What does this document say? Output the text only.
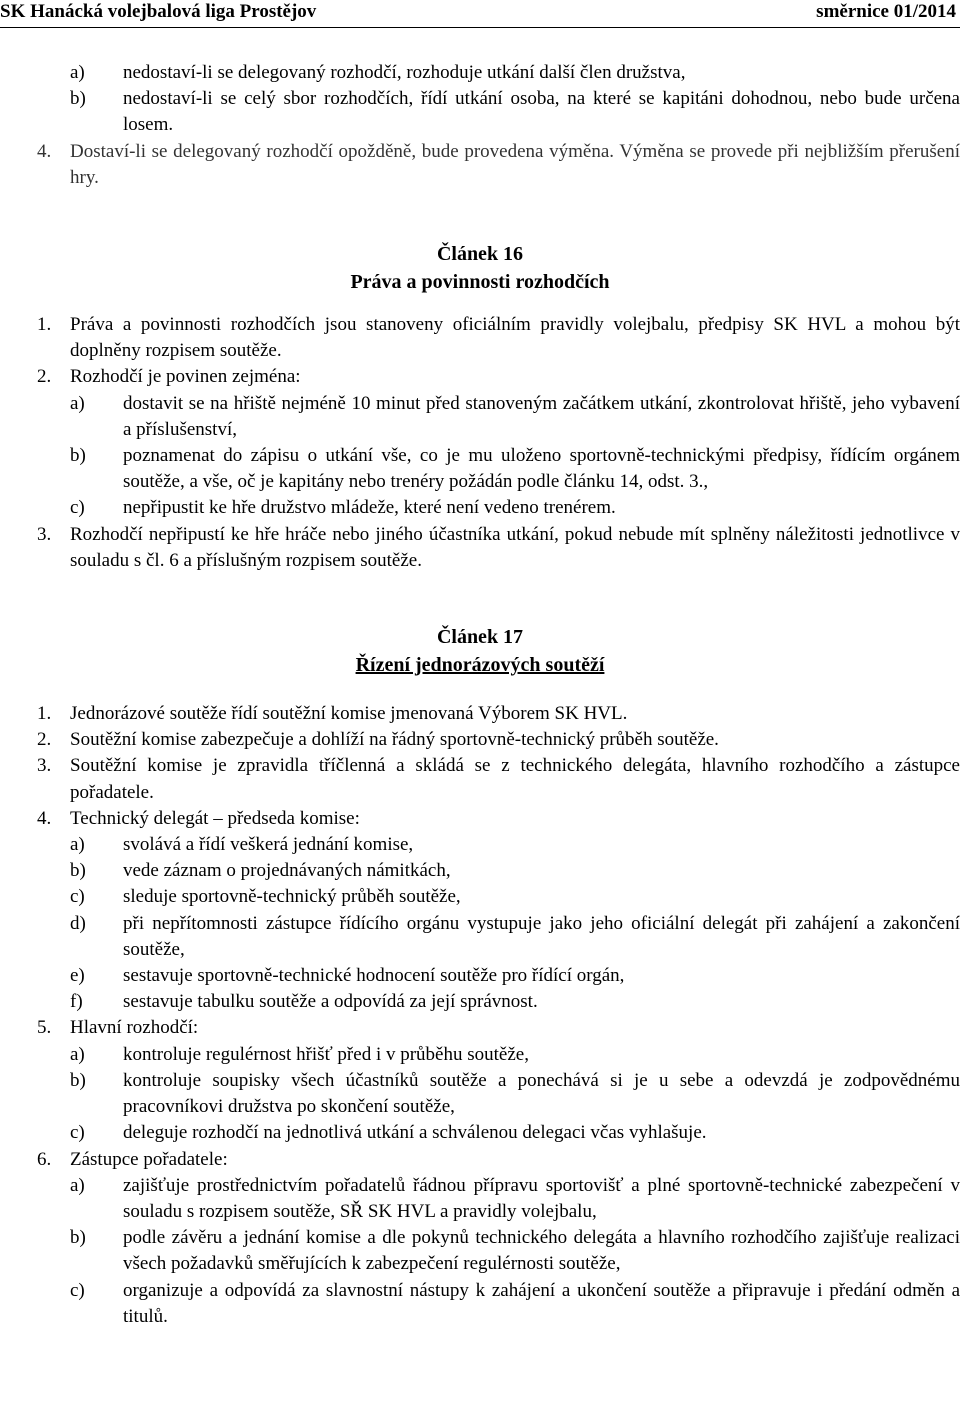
SK Hanácká volejbalová liga Prostějov	směrnice 01/2014
a) nedostaví-li se delegovaný rozhodčí, rozhoduje utkání další člen družstva,
b) nedostaví-li se celý sbor rozhodčích, řídí utkání osoba, na které se kapitáni dohodnou, nebo bude určena losem.
4. Dostaví-li se delegovaný rozhodčí opožděně, bude provedena výměna. Výměna se provede při nejbližším přerušení hry.
Článek 16
Práva a povinnosti rozhodčích
1. Práva a povinnosti rozhodčích jsou stanoveny oficiálním pravidly volejbalu, předpisy SK HVL a mohou být doplněny rozpisem soutěže.
2. Rozhodčí je povinen zejména:
a) dostavit se na hřiště nejméně 10 minut před stanoveným začátkem utkání, zkontrolovat hřiště, jeho vybavení a příslušenství,
b) poznamenat do zápisu o utkání vše, co je mu uloženo sportovně-technickými předpisy, řídícím orgánem soutěže, a vše, oč je kapitány nebo trenéry požádán podle článku 14, odst. 3.,
c) nepřipustit ke hře družstvo mládeže, které není vedeno trenérem.
3. Rozhodčí nepřipustí ke hře hráče nebo jiného účastníka utkání, pokud nebude mít splněny náležitosti jednotlivce v souladu s čl. 6 a příslušným rozpisem soutěže.
Článek 17
Řízení jednorázových soutěží
1. Jednorázové soutěže řídí soutěžní komise jmenovaná Výborem SK HVL.
2. Soutěžní komise zabezpečuje a dohlíží na řádný sportovně-technický průběh soutěže.
3. Soutěžní komise je zpravidla tříčlenná a skládá se z technického delegáta, hlavního rozhodčího a zástupce pořadatele.
4. Technický delegát – předseda komise:
a) svolává a řídí veškerá jednání komise,
b) vede záznam o projednávaných námitkách,
c) sleduje sportovně-technický průběh soutěže,
d) při nepřítomnosti zástupce řídícího orgánu vystupuje jako jeho oficiální delegát při zahájení a zakončení soutěže,
e) sestavuje sportovně-technické hodnocení soutěže pro řídící orgán,
f) sestavuje tabulku soutěže a odpovídá za její správnost.
5. Hlavní rozhodčí:
a) kontroluje regulérnost hřišť před i v průběhu soutěže,
b) kontroluje soupisky všech účastníků soutěže a ponechává si je u sebe a odevzdá je zodpovědnému pracovníkovi družstva po skončení soutěže,
c) deleguje rozhodčí na jednotlivá utkání a schválenou delegaci včas vyhlašuje.
6. Zástupce pořadatele:
a) zajišťuje prostřednictvím pořadatelů řádnou přípravu sportovišť a plné sportovně-technické zabezpečení v souladu s rozpisem soutěže, SŘ SK HVL a pravidly volejbalu,
b) podle závěru a jednání komise a dle pokynů technického delegáta a hlavního rozhodčího zajišťuje realizaci všech požadavků směřujících k zabezpečení regulérnosti soutěže,
c) organizuje a odpovídá za slavnostní nástupy k zahájení a ukončení soutěže a připravuje i předání odměn a titulů.
